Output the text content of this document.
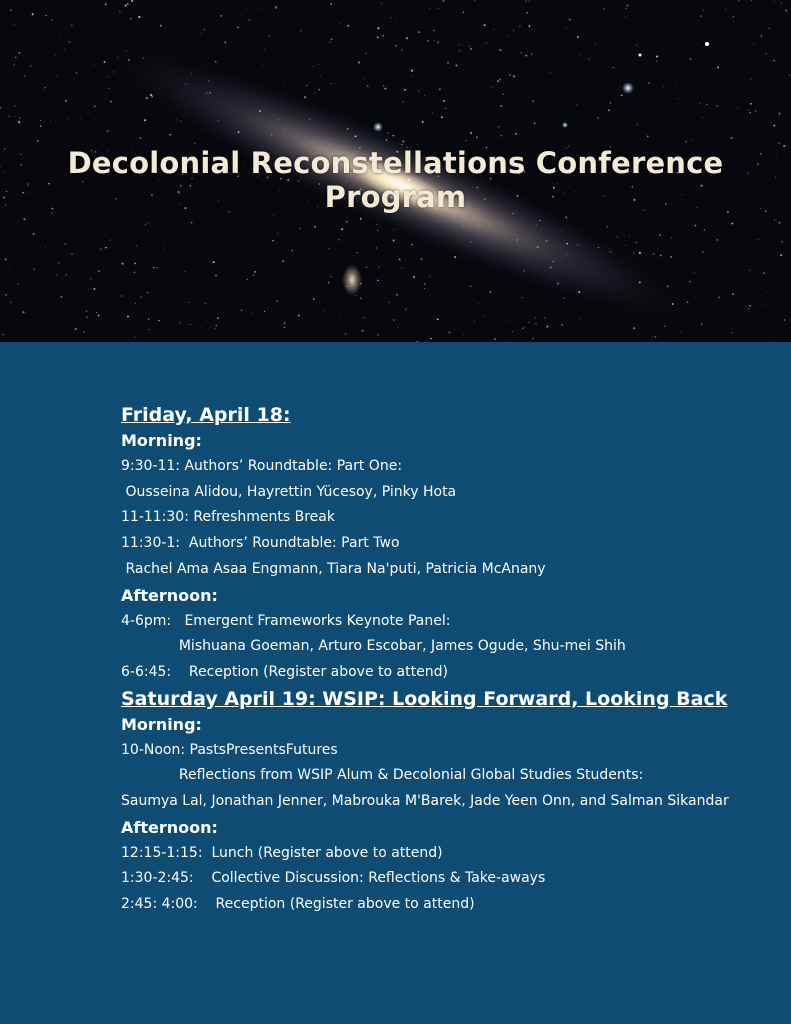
Decolonial Reconstellations Conference Program

Friday, April 18:

Morning:

9:30-11: Authors’ Roundtable: Part One:

Ousseina Alidou, Hayrettin Yücesoy, Pinky Hota

11-11:30: Refreshments Break

11:30-1:  Authors’ Roundtable: Part Two

Rachel Ama Asaa Engmann, Tiara Na'puti, Patricia McAnany

Afternoon:

4-6pm:   Emergent Frameworks Keynote Panel:

Mishuana Goeman, Arturo Escobar, James Ogude, Shu-mei Shih

6-6:45:    Reception (Register above to attend)

Saturday April 19: WSIP: Looking Forward, Looking Back

Morning:

10-Noon: PastsPresentsFutures

Reflections from WSIP Alum & Decolonial Global Studies Students:

Saumya Lal, Jonathan Jenner, Mabrouka M'Barek, Jade Yeen Onn, and Salman Sikandar

Afternoon:

12:15-1:15:  Lunch (Register above to attend)

1:30-2:45:    Collective Discussion: Reflections & Take-aways

2:45: 4:00:    Reception (Register above to attend)
